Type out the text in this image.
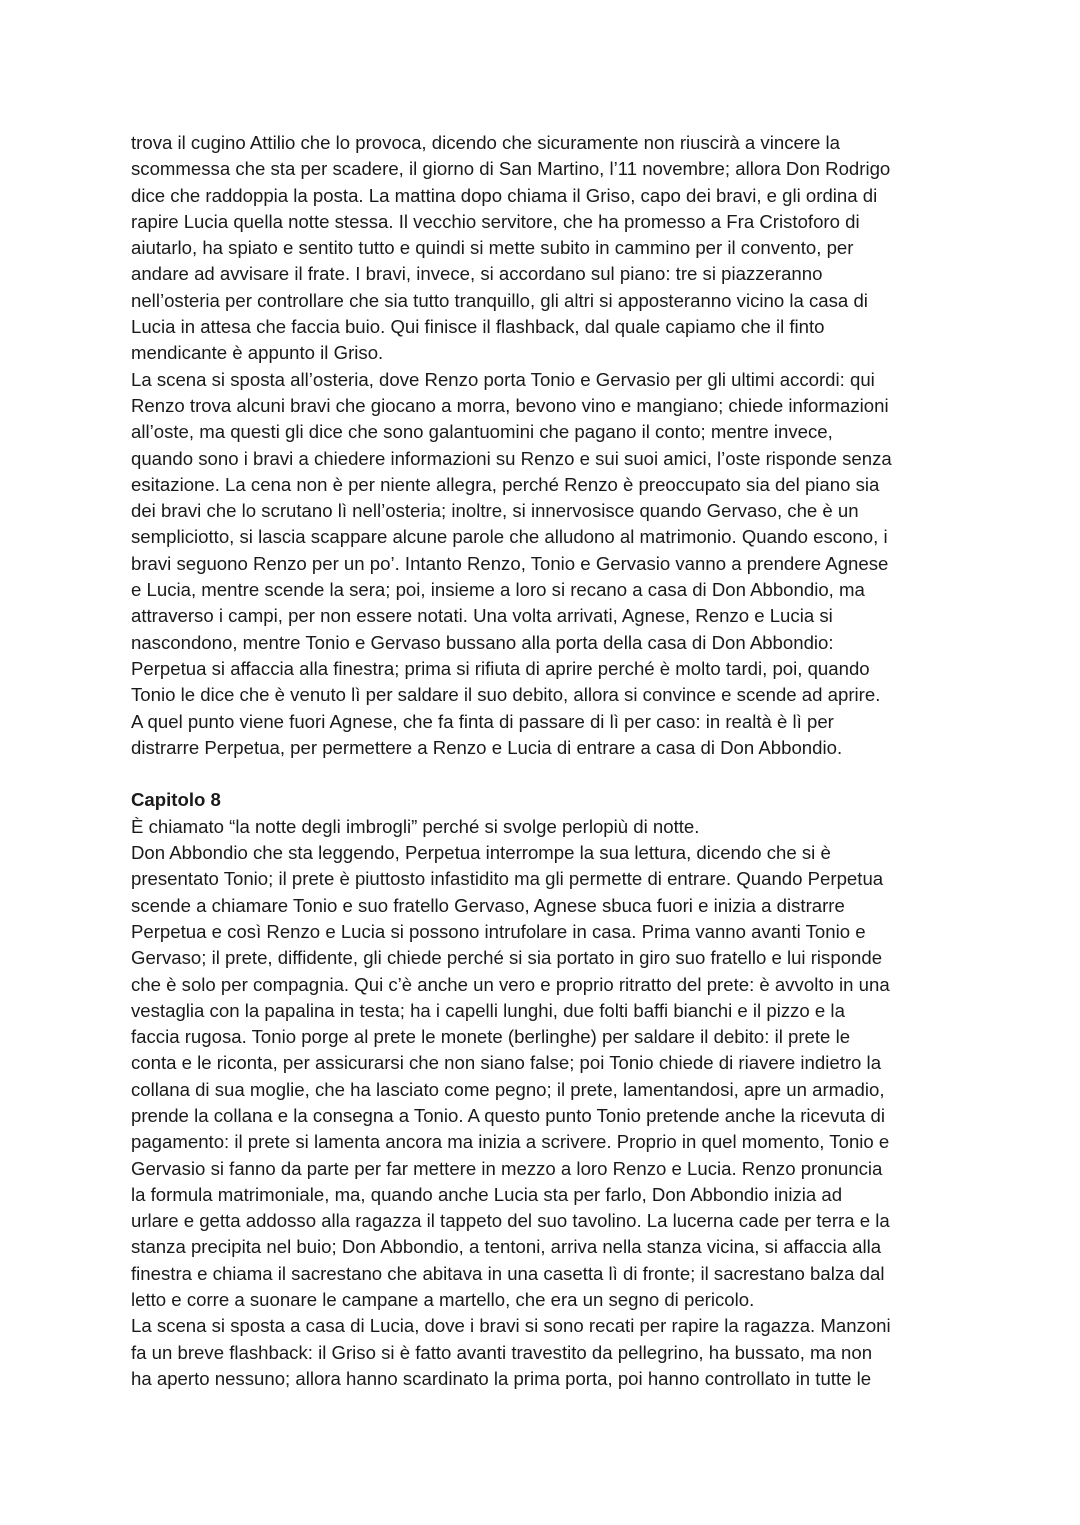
trova il cugino Attilio che lo provoca, dicendo che sicuramente non riuscirà a vincere la
scommessa che sta per scadere, il giorno di San Martino, l’11 novembre; allora Don Rodrigo
dice che raddoppia la posta. La mattina dopo chiama il Griso, capo dei bravi, e gli ordina di
rapire Lucia quella notte stessa. Il vecchio servitore, che ha promesso a Fra Cristoforo di
aiutarlo, ha spiato e sentito tutto e quindi si mette subito in cammino per il convento, per
andare ad avvisare il frate. I bravi, invece, si accordano sul piano: tre si piazzeranno
nell’osteria per controllare che sia tutto tranquillo, gli altri si apposteranno vicino la casa di
Lucia in attesa che faccia buio. Qui finisce il flashback, dal quale capiamo che il finto
mendicante è appunto il Griso.
La scena si sposta all’osteria, dove Renzo porta Tonio e Gervasio per gli ultimi accordi: qui
Renzo trova alcuni bravi che giocano a morra, bevono vino e mangiano; chiede informazioni
all’oste, ma questi gli dice che sono galantuomini che pagano il conto; mentre invece,
quando sono i bravi a chiedere informazioni su Renzo e sui suoi amici, l’oste risponde senza
esitazione. La cena non è per niente allegra, perché Renzo è preoccupato sia del piano sia
dei bravi che lo scrutano lì nell’osteria; inoltre, si innervosisce quando Gervaso, che è un
sempliciotto, si lascia scappare alcune parole che alludono al matrimonio. Quando escono, i
bravi seguono Renzo per un po’. Intanto Renzo, Tonio e Gervasio vanno a prendere Agnese
e Lucia, mentre scende la sera; poi, insieme a loro si recano a casa di Don Abbondio, ma
attraverso i campi, per non essere notati. Una volta arrivati, Agnese, Renzo e Lucia si
nascondono, mentre Tonio e Gervaso bussano alla porta della casa di Don Abbondio:
Perpetua si affaccia alla finestra; prima si rifiuta di aprire perché è molto tardi, poi, quando
Tonio le dice che è venuto lì per saldare il suo debito, allora si convince e scende ad aprire.
A quel punto viene fuori Agnese, che fa finta di passare di lì per caso: in realtà è lì per
distrarre Perpetua, per permettere a Renzo e Lucia di entrare a casa di Don Abbondio.
Capitolo 8
È chiamato “la notte degli imbrogli” perché si svolge perlopiù di notte.
Don Abbondio che sta leggendo, Perpetua interrompe la sua lettura, dicendo che si è
presentato Tonio; il prete è piuttosto infastidito ma gli permette di entrare. Quando Perpetua
scende a chiamare Tonio e suo fratello Gervaso, Agnese sbuca fuori e inizia a distrarre
Perpetua e così Renzo e Lucia si possono intrufolare in casa. Prima vanno avanti Tonio e
Gervaso; il prete, diffidente, gli chiede perché si sia portato in giro suo fratello e lui risponde
che è solo per compagnia. Qui c’è anche un vero e proprio ritratto del prete: è avvolto in una
vestaglia con la papalina in testa; ha i capelli lunghi, due folti baffi bianchi e il pizzo e la
faccia rugosa. Tonio porge al prete le monete (berlinghe) per saldare il debito: il prete le
conta e le riconta, per assicurarsi che non siano false; poi Tonio chiede di riavere indietro la
collana di sua moglie, che ha lasciato come pegno; il prete, lamentandosi, apre un armadio,
prende la collana e la consegna a Tonio. A questo punto Tonio pretende anche la ricevuta di
pagamento: il prete si lamenta ancora ma inizia a scrivere. Proprio in quel momento, Tonio e
Gervasio si fanno da parte per far mettere in mezzo a loro Renzo e Lucia. Renzo pronuncia
la formula matrimoniale, ma, quando anche Lucia sta per farlo, Don Abbondio inizia ad
urlare e getta addosso alla ragazza il tappeto del suo tavolino. La lucerna cade per terra e la
stanza precipita nel buio; Don Abbondio, a tentoni, arriva nella stanza vicina, si affaccia alla
finestra e chiama il sacrestano che abitava in una casetta lì di fronte; il sacrestano balza dal
letto e corre a suonare le campane a martello, che era un segno di pericolo.
La scena si sposta a casa di Lucia, dove i bravi si sono recati per rapire la ragazza. Manzoni
fa un breve flashback: il Griso si è fatto avanti travestito da pellegrino, ha bussato, ma non
ha aperto nessuno; allora hanno scardinato la prima porta, poi hanno controllato in tutte le
